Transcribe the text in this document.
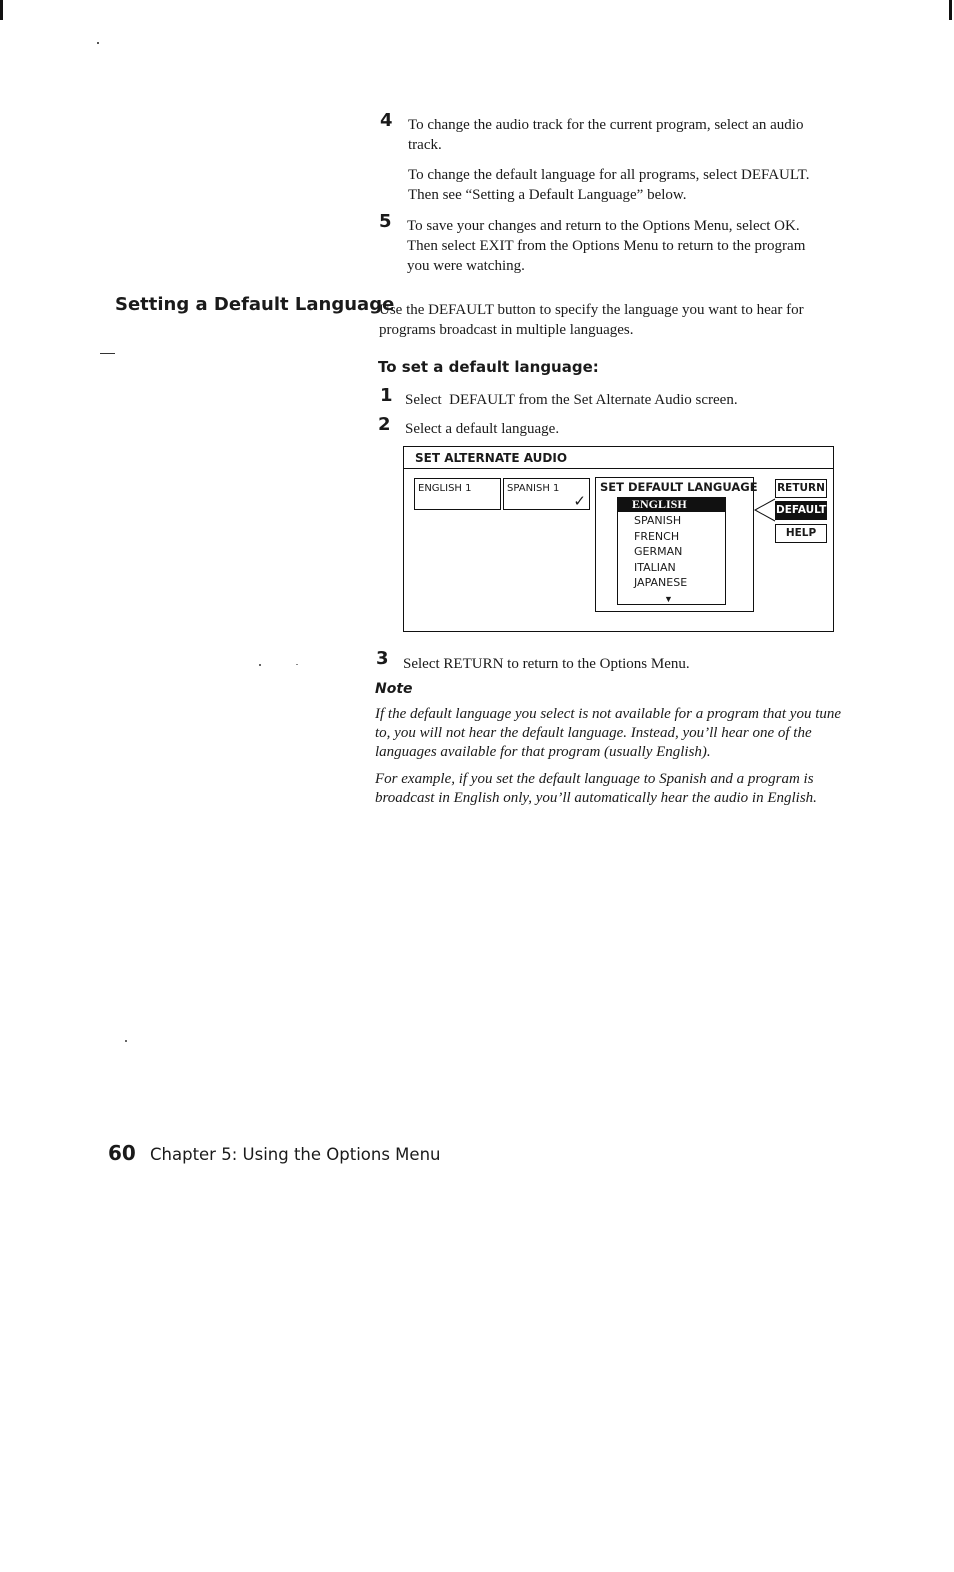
4 To change the audio track for the current program, select an audio
track.
To change the default language for all programs, select DEFAULT.
Then see “Setting a Default Language” below.
5 To save your changes and return to the Options Menu, select OK.
Then select EXIT from the Options Menu to return to the program
you were watching.
Setting a Default Language
Use the DEFAULT button to specify the language you want to hear for
programs broadcast in multiple languages.
To set a default language:
1 Select  DEFAULT from the Set Alternate Audio screen.
2 Select a default language.
SET ALTERNATE AUDIO
ENGLISH 1	SPANISH 1
✓
SET DEFAULT LANGUAGE
ENGLISH
SPANISH
FRENCH
GERMAN
ITALIAN
JAPANESE
▼
RETURN
DEFAULT
HELP
3 Select RETURN to return to the Options Menu.
Note
If the default language you select is not available for a program that you tune
to, you will not hear the default language. Instead, you’ll hear one of the
languages available for that program (usually English).
For example, if you set the default language to Spanish and a program is
broadcast in English only, you’ll automatically hear the audio in English.
60 Chapter 5: Using the Options Menu
